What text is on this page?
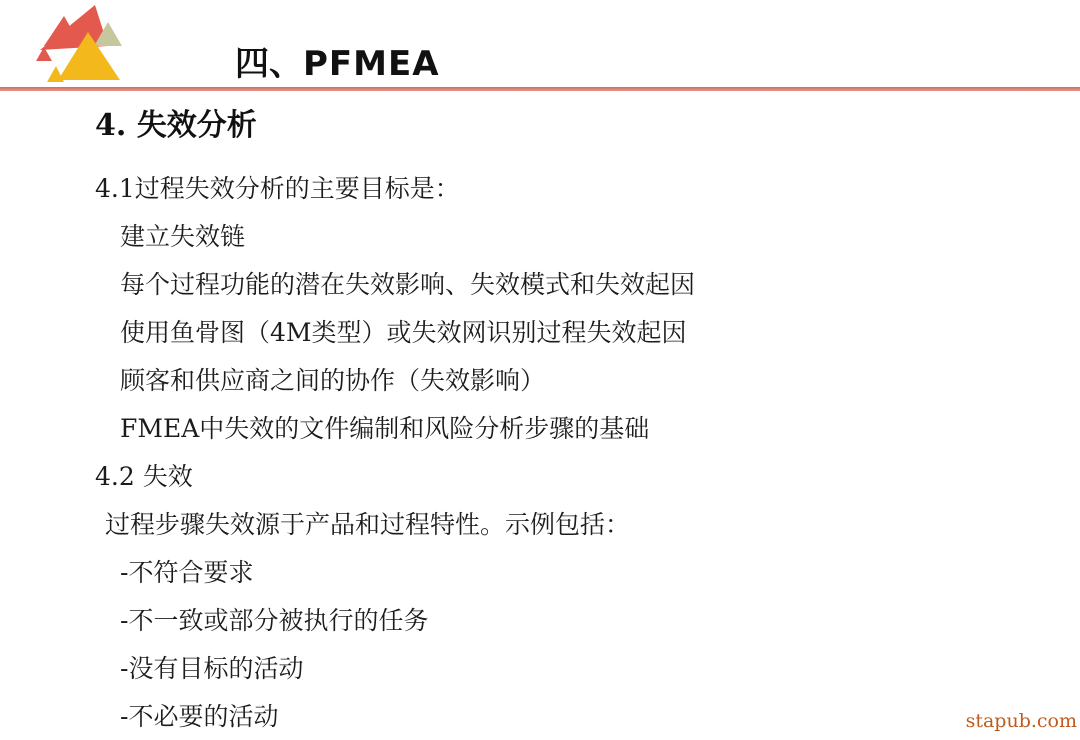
四、PFMEA
4. 失效分析
4.1过程失效分析的主要目标是：
建立失效链
每个过程功能的潜在失效影响、失效模式和失效起因
使用鱼骨图（4M类型）或失效网识别过程失效起因
顾客和供应商之间的协作（失效影响）
FMEA中失效的文件编制和风险分析步骤的基础
4.2 失效
过程步骤失效源于产品和过程特性。示例包括：
-不符合要求
-不一致或部分被执行的任务
-没有目标的活动
-不必要的活动	stapub.com
